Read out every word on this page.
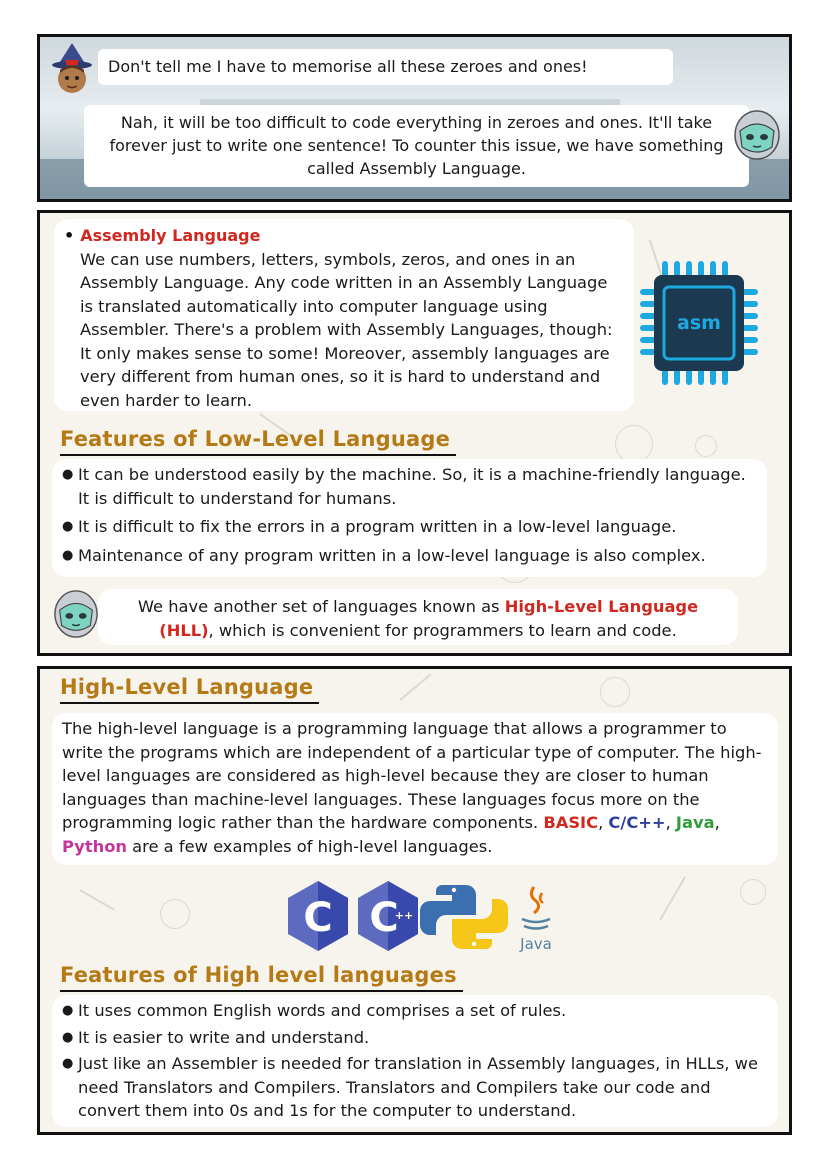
Don't tell me I have to memorise all these zeroes and ones!
Nah, it will be too difficult to code everything in zeroes and ones. It'll take forever just to write one sentence! To counter this issue, we have something called Assembly Language.
• Assembly Language
We can use numbers, letters, symbols, zeros, and ones in an Assembly Language. Any code written in an Assembly Language is translated automatically into computer language using Assembler. There's a problem with Assembly Languages, though: It only makes sense to some! Moreover, assembly languages are very different from human ones, so it is hard to understand and even harder to learn.
asm
Features of Low-Level Language
● It can be understood easily by the machine. So, it is a machine-friendly language. It is difficult to understand for humans.
● It is difficult to fix the errors in a program written in a low-level language.
● Maintenance of any program written in a low-level language is also complex.
We have another set of languages known as High-Level Language (HLL), which is convenient for programmers to learn and code.
High-Level Language
The high-level language is a programming language that allows a programmer to write the programs which are independent of a particular type of computer. The high-level languages are considered as high-level because they are closer to human languages than machine-level languages. These languages focus more on the programming logic rather than the hardware components. BASIC, C/C++, Java, Python are a few examples of high-level languages.
C C
++
Java
Features of High level languages
● It uses common English words and comprises a set of rules.
● It is easier to write and understand.
● Just like an Assembler is needed for translation in Assembly languages, in HLLs, we need Translators and Compilers. Translators and Compilers take our code and convert them into 0s and 1s for the computer to understand.
